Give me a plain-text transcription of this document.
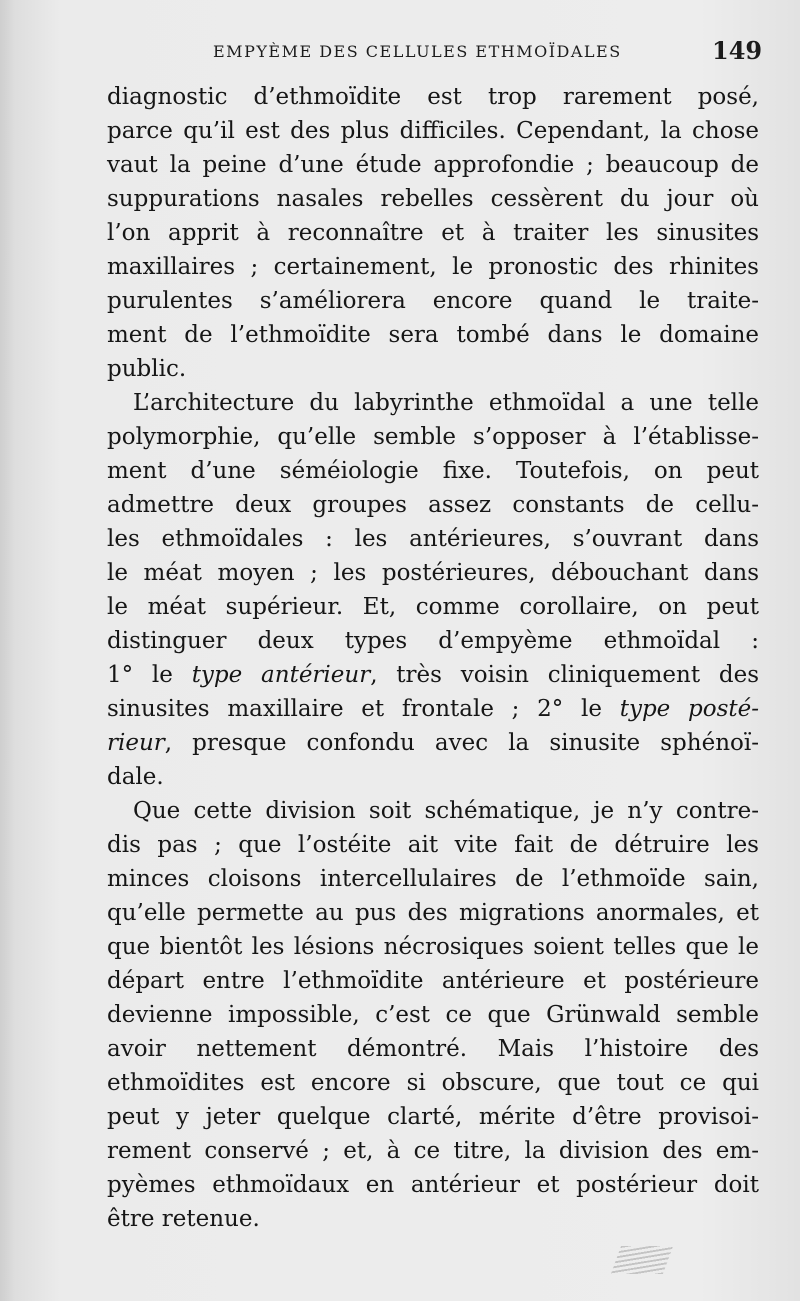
EMPYÈME DES CELLULES ETHMOÏDALES	149
diagnostic d’ethmoïdite est trop rarement posé,
parce qu’il est des plus difficiles. Cependant, la chose
vaut la peine d’une étude approfondie ; beaucoup de
suppurations nasales rebelles cessèrent du jour où
l’on apprit à reconnaître et à traiter les sinusites
maxillaires ; certainement, le pronostic des rhinites
purulentes s’améliorera encore quand le traite-
ment de l’ethmoïdite sera tombé dans le domaine
public.
L’architecture du labyrinthe ethmoïdal a une telle
polymorphie, qu’elle semble s’opposer à l’établisse-
ment d’une séméiologie fixe. Toutefois, on peut
admettre deux groupes assez constants de cellu-
les ethmoïdales : les antérieures, s’ouvrant dans
le méat moyen ; les postérieures, débouchant dans
le méat supérieur. Et, comme corollaire, on peut
distinguer deux types d’empyème ethmoïdal :
1° le type antérieur, très voisin cliniquement des
sinusites maxillaire et frontale ; 2° le type posté-
rieur, presque confondu avec la sinusite sphénoï-
dale.
Que cette division soit schématique, je n’y contre-
dis pas ; que l’ostéite ait vite fait de détruire les
minces cloisons intercellulaires de l’ethmoïde sain,
qu’elle permette au pus des migrations anormales, et
que bientôt les lésions nécrosiques soient telles que le
départ entre l’ethmoïdite antérieure et postérieure
devienne impossible, c’est ce que Grünwald semble
avoir nettement démontré. Mais l’histoire des
ethmoïdites est encore si obscure, que tout ce qui
peut y jeter quelque clarté, mérite d’être provisoi-
rement conservé ; et, à ce titre, la division des em-
pyèmes ethmoïdaux en antérieur et postérieur doit
être retenue.
